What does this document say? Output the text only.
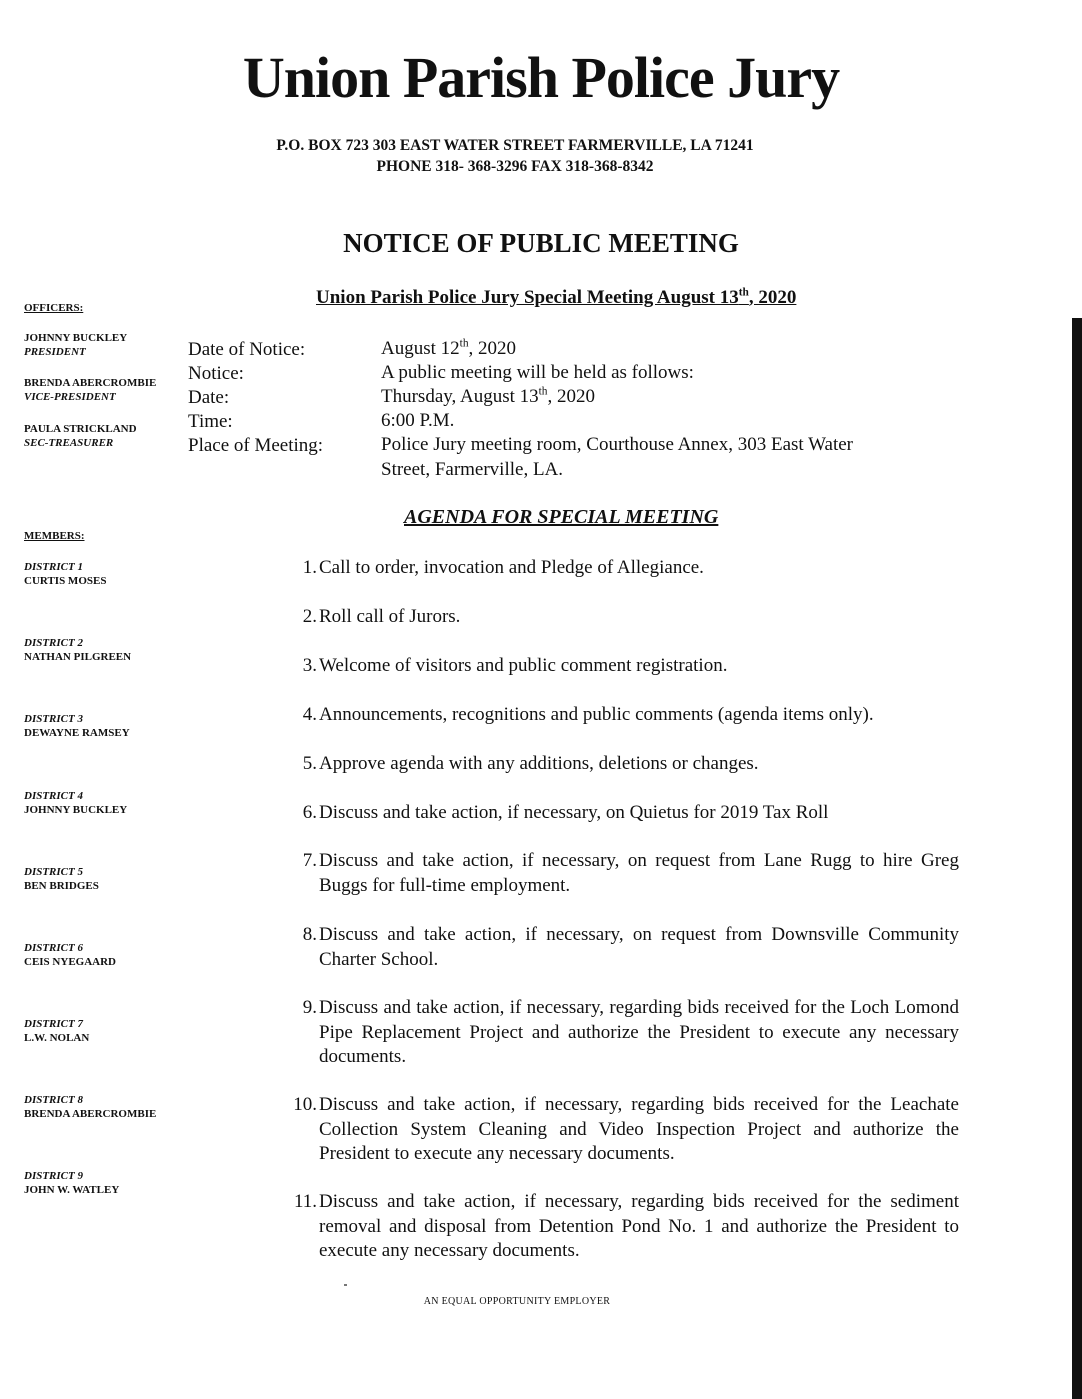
Union Parish Police Jury
P.O. BOX 723 303 EAST WATER STREET FARMERVILLE, LA 71241
PHONE 318- 368-3296 FAX 318-368-8342
NOTICE OF PUBLIC MEETING
Union Parish Police Jury Special Meeting August 13th, 2020
OFFICERS:
JOHNNY BUCKLEY
PRESIDENT
BRENDA ABERCROMBIE
VICE-PRESIDENT
PAULA STRICKLAND
SEC-TREASURER
Date of Notice:	August 12th, 2020
Notice:	A public meeting will be held as follows:
Date:	Thursday, August 13th, 2020
Time:	6:00 P.M.
Place of Meeting:	Police Jury meeting room, Courthouse Annex, 303 East Water
Street, Farmerville, LA.
AGENDA FOR SPECIAL MEETING
MEMBERS:
DISTRICT 1
CURTIS MOSES
DISTRICT 2
NATHAN PILGREEN
DISTRICT 3
DEWAYNE RAMSEY
DISTRICT 4
JOHNNY BUCKLEY
DISTRICT 5
BEN BRIDGES
DISTRICT 6
CEIS NYEGAARD
DISTRICT 7
L.W. NOLAN
DISTRICT 8
BRENDA ABERCROMBIE
DISTRICT 9
JOHN W. WATLEY
1. Call to order, invocation and Pledge of Allegiance.
2. Roll call of Jurors.
3. Welcome of visitors and public comment registration.
4. Announcements, recognitions and public comments (agenda items only).
5. Approve agenda with any additions, deletions or changes.
6. Discuss and take action, if necessary, on Quietus for 2019 Tax Roll
7. Discuss and take action, if necessary, on request from Lane Rugg to hire Greg Buggs for full-time employment.
8. Discuss and take action, if necessary, on request from Downsville Community Charter School.
9. Discuss and take action, if necessary, regarding bids received for the Loch Lomond Pipe Replacement Project and authorize the President to execute any necessary documents.
10. Discuss and take action, if necessary, regarding bids received for the Leachate Collection System Cleaning and Video Inspection Project and authorize the President to execute any necessary documents.
11. Discuss and take action, if necessary, regarding bids received for the sediment removal and disposal from Detention Pond No. 1 and authorize the President to execute any necessary documents.
AN EQUAL OPPORTUNITY EMPLOYER
